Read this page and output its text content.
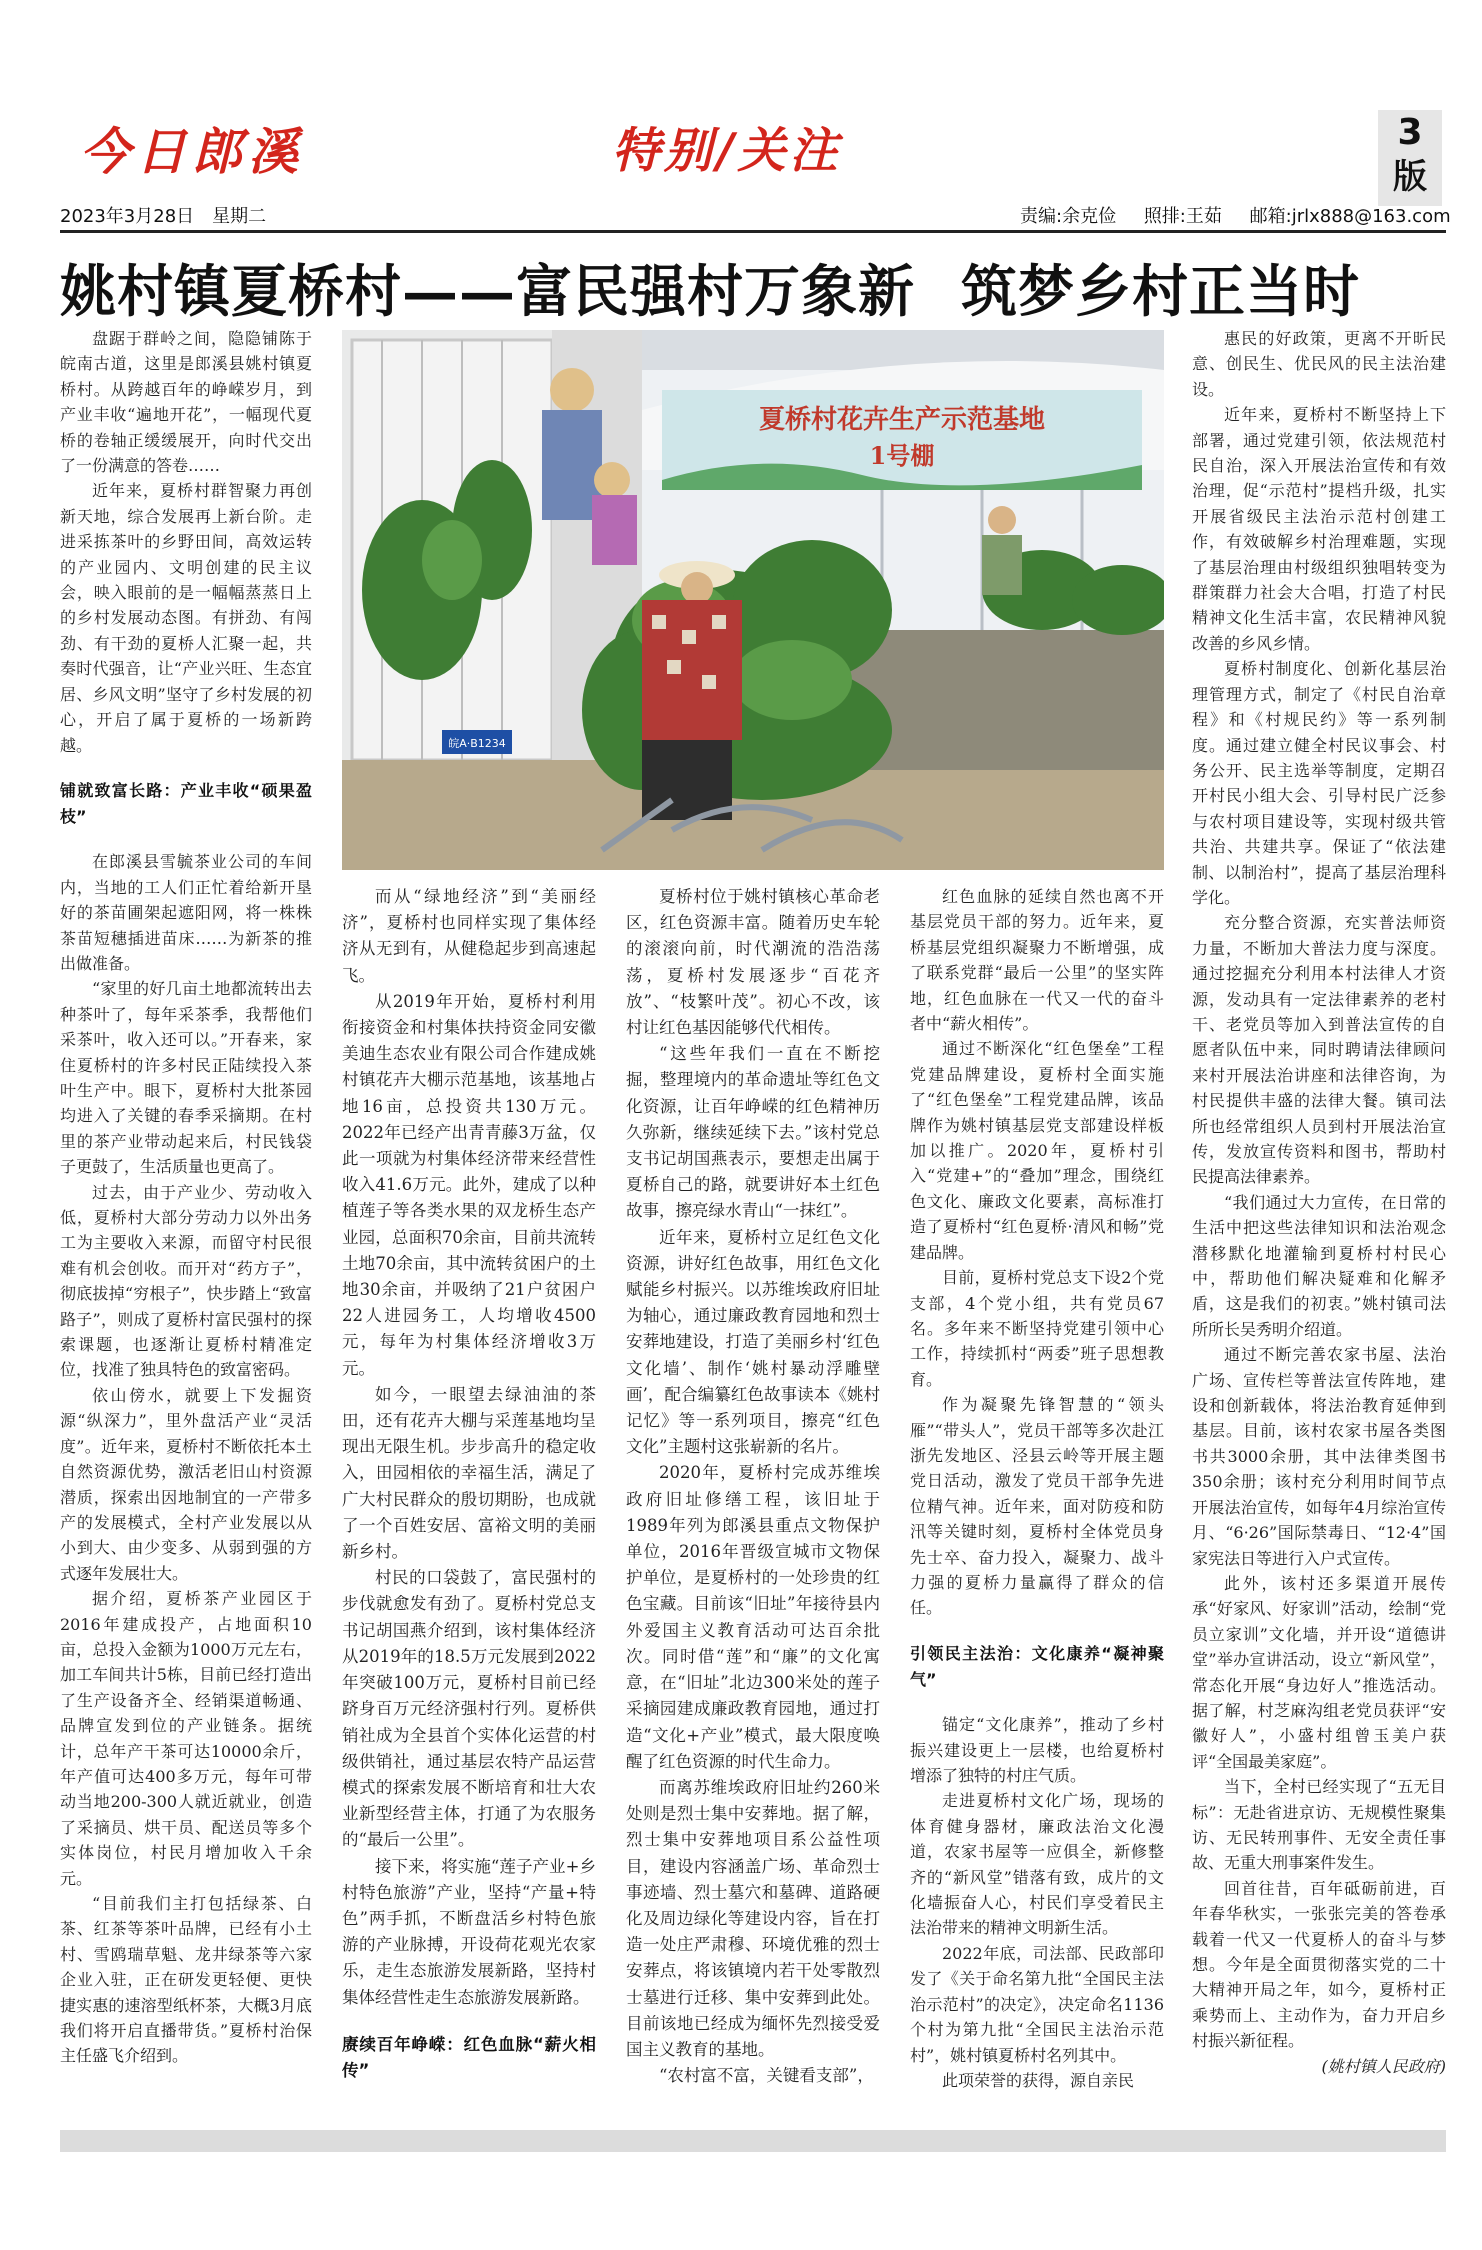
今日郎溪	特别/关注	3
版
2023年3月28日　星期二	责编:余克俭 照排:王茹 邮箱:jrlx888@163.com
姚村镇夏桥村——富民强村万象新 筑梦乡村正当时
夏桥村花卉生产示范基地
1号棚
皖A·B1234

盘踞于群岭之间，隐隐铺陈于皖南古道，这里是郎溪县姚村镇夏桥村。从跨越百年的峥嵘岁月，到产业丰收“遍地开花”，一幅现代夏桥的卷轴正缓缓展开，向时代交出了一份满意的答卷……

近年来，夏桥村群智聚力再创新天地，综合发展再上新台阶。走进采拣茶叶的乡野田间，高效运转的产业园内、文明创建的民主议会，映入眼前的是一幅幅蒸蒸日上的乡村发展动态图。有拼劲、有闯劲、有干劲的夏桥人汇聚一起，共奏时代强音，让“产业兴旺、生态宜居、乡风文明”坚守了乡村发展的初心，开启了属于夏桥的一场新跨越。

铺就致富长路：产业丰收“硕果盈枝”

在郎溪县雪毓茶业公司的车间内，当地的工人们正忙着给新开垦好的茶苗圃架起遮阳网，将一株株茶苗短穗插进苗床……为新茶的推出做准备。

“家里的好几亩土地都流转出去种茶叶了，每年采茶季，我帮他们采茶叶，收入还可以。”开春来，家住夏桥村的许多村民正陆续投入茶叶生产中。眼下，夏桥村大批茶园均进入了关键的春季采摘期。在村里的茶产业带动起来后，村民钱袋子更鼓了，生活质量也更高了。

过去，由于产业少、劳动收入低，夏桥村大部分劳动力以外出务工为主要收入来源，而留守村民很难有机会创收。而开对“药方子”，彻底拔掉“穷根子”，快步踏上“致富路子”，则成了夏桥村富民强村的探索课题，也逐渐让夏桥村精准定位，找准了独具特色的致富密码。

依山傍水，就要上下发掘资源“纵深力”，里外盘活产业“灵活度”。近年来，夏桥村不断依托本土自然资源优势，激活老旧山村资源潜质，探索出因地制宜的一产带多产的发展模式，全村产业发展以从小到大、由少变多、从弱到强的方式逐年发展壮大。

据介绍，夏桥茶产业园区于2016年建成投产，占地面积10亩，总投入金额为1000万元左右，加工车间共计5栋，目前已经打造出了生产设备齐全、经销渠道畅通、品牌宣发到位的产业链条。据统计，总年产干茶可达10000余斤，年产值可达400多万元，每年可带动当地200-300人就近就业，创造了采摘员、烘干员、配送员等多个实体岗位，村民月增加收入千余元。

“目前我们主打包括绿茶、白茶、红茶等茶叶品牌，已经有小土村、雪鸥瑞草魁、龙井绿茶等六家企业入驻，正在研发更轻便、更快捷实惠的速溶型纸杯茶，大概3月底我们将开启直播带货。”夏桥村治保主任盛飞介绍到。

而从“绿地经济”到“美丽经济”，夏桥村也同样实现了集体经济从无到有，从健稳起步到高速起飞。

从2019年开始，夏桥村利用衔接资金和村集体扶持资金同安徽美迪生态农业有限公司合作建成姚村镇花卉大棚示范基地，该基地占地16亩，总投资共130万元。2022年已经产出青青藤3万盆，仅此一项就为村集体经济带来经营性收入41.6万元。此外，建成了以种植莲子等各类水果的双龙桥生态产业园，总面积70余亩，目前共流转土地70余亩，其中流转贫困户的土地30余亩，并吸纳了21户贫困户22人进园务工，人均增收4500元，每年为村集体经济增收3万元。

如今，一眼望去绿油油的茶田，还有花卉大棚与采莲基地均呈现出无限生机。步步高升的稳定收入，田园相依的幸福生活，满足了广大村民群众的殷切期盼，也成就了一个百姓安居、富裕文明的美丽新乡村。

村民的口袋鼓了，富民强村的步伐就愈发有劲了。夏桥村党总支书记胡国燕介绍到，该村集体经济从2019年的18.5万元发展到2022年突破100万元，夏桥村目前已经跻身百万元经济强村行列。夏桥供销社成为全县首个实体化运营的村级供销社，通过基层农特产品运营模式的探索发展不断培育和壮大农业新型经营主体，打通了为农服务的“最后一公里”。

接下来，将实施“莲子产业+乡村特色旅游”产业，坚持“产量+特色”两手抓，不断盘活乡村特色旅游的产业脉搏，开设荷花观光农家乐，走生态旅游发展新路，坚持村集体经营性走生态旅游发展新路。

赓续百年峥嵘：红色血脉“薪火相传”

夏桥村位于姚村镇核心革命老区，红色资源丰富。随着历史车轮的滚滚向前，时代潮流的浩浩荡荡，夏桥村发展逐步“百花齐放”、“枝繁叶茂”。初心不改，该村让红色基因能够代代相传。

“这些年我们一直在不断挖掘，整理境内的革命遗址等红色文化资源，让百年峥嵘的红色精神历久弥新，继续延续下去。”该村党总支书记胡国燕表示，要想走出属于夏桥自己的路，就要讲好本土红色故事，擦亮绿水青山“一抹红”。

近年来，夏桥村立足红色文化资源，讲好红色故事，用红色文化赋能乡村振兴。以苏维埃政府旧址为轴心，通过廉政教育园地和烈士安葬地建设，打造了美丽乡村‘红色文化墙’、制作‘姚村暴动浮雕壁画’，配合编纂红色故事读本《姚村记忆》等一系列项目，擦亮“红色文化”主题村这张崭新的名片。

2020年，夏桥村完成苏维埃政府旧址修缮工程，该旧址于1989年列为郎溪县重点文物保护单位，2016年晋级宣城市文物保护单位，是夏桥村的一处珍贵的红色宝藏。目前该“旧址”年接待县内外爱国主义教育活动可达百余批次。同时借“莲”和“廉”的文化寓意，在“旧址”北边300米处的莲子采摘园建成廉政教育园地，通过打造“文化+产业”模式，最大限度唤醒了红色资源的时代生命力。

而离苏维埃政府旧址约260米处则是烈士集中安葬地。据了解，烈士集中安葬地项目系公益性项目，建设内容涵盖广场、革命烈士事迹墙、烈士墓穴和墓碑、道路硬化及周边绿化等建设内容，旨在打造一处庄严肃穆、环境优雅的烈士安葬点，将该镇境内若干处零散烈士墓进行迁移、集中安葬到此处。目前该地已经成为缅怀先烈接受爱国主义教育的基地。

“农村富不富，关键看支部”，

红色血脉的延续自然也离不开基层党员干部的努力。近年来，夏桥基层党组织凝聚力不断增强，成了联系党群“最后一公里”的坚实阵地，红色血脉在一代又一代的奋斗者中“薪火相传”。

通过不断深化“红色堡垒”工程党建品牌建设，夏桥村全面实施了“红色堡垒”工程党建品牌，该品牌作为姚村镇基层党支部建设样板加以推广。2020年，夏桥村引入“党建+”的“叠加”理念，围绕红色文化、廉政文化要素，高标准打造了夏桥村“红色夏桥·清风和畅”党建品牌。

目前，夏桥村党总支下设2个党支部，4个党小组，共有党员67名。多年来不断坚持党建引领中心工作，持续抓村“两委”班子思想教育。

作为凝聚先锋智慧的“领头雁”“带头人”，党员干部等多次赴江浙先发地区、泾县云岭等开展主题党日活动，激发了党员干部争先进位精气神。近年来，面对防疫和防汛等关键时刻，夏桥村全体党员身先士卒、奋力投入，凝聚力、战斗力强的夏桥力量赢得了群众的信任。

引领民主法治：文化康养“凝神聚气”

锚定“文化康养”，推动了乡村振兴建设更上一层楼，也给夏桥村增添了独特的村庄气质。

走进夏桥村文化广场，现场的体育健身器材，廉政法治文化漫道，农家书屋等一应俱全，新修整齐的“新风堂”错落有致，成片的文化墙振奋人心，村民们享受着民主法治带来的精神文明新生活。

2022年底，司法部、民政部印发了《关于命名第九批“全国民主法治示范村”的决定》，决定命名1136个村为第九批“全国民主法治示范村”，姚村镇夏桥村名列其中。

此项荣誉的获得，源自亲民

惠民的好政策，更离不开昕民意、创民生、优民风的民主法治建设。

近年来，夏桥村不断坚持上下部署，通过党建引领，依法规范村民自治，深入开展法治宣传和有效治理，促“示范村”提档升级，扎实开展省级民主法治示范村创建工作，有效破解乡村治理难题，实现了基层治理由村级组织独唱转变为群策群力社会大合唱，打造了村民精神文化生活丰富，农民精神风貌改善的乡风乡情。

夏桥村制度化、创新化基层治理管理方式，制定了《村民自治章程》和《村规民约》等一系列制度。通过建立健全村民议事会、村务公开、民主选举等制度，定期召开村民小组大会、引导村民广泛参与农村项目建设等，实现村级共管共治、共建共享。保证了“依法建制、以制治村”，提高了基层治理科学化。

充分整合资源，充实普法师资力量，不断加大普法力度与深度。通过挖掘充分利用本村法律人才资源，发动具有一定法律素养的老村干、老党员等加入到普法宣传的自愿者队伍中来，同时聘请法律顾问来村开展法治讲座和法律咨询，为村民提供丰盛的法律大餐。镇司法所也经常组织人员到村开展法治宣传，发放宣传资料和图书，帮助村民提高法律素养。

“我们通过大力宣传，在日常的生活中把这些法律知识和法治观念潜移默化地灌输到夏桥村村民心中，帮助他们解决疑难和化解矛盾，这是我们的初衷。”姚村镇司法所所长吴秀明介绍道。

通过不断完善农家书屋、法治广场、宣传栏等普法宣传阵地，建设和创新载体，将法治教育延伸到基层。目前，该村农家书屋各类图书共3000余册，其中法律类图书350余册；该村充分利用时间节点开展法治宣传，如每年4月综治宣传月、“6·26”国际禁毒日、“12·4”国家宪法日等进行入户式宣传。

此外，该村还多渠道开展传承“好家风、好家训”活动，绘制“党员立家训”文化墙，并开设“道德讲堂”举办宣讲活动，设立“新风堂”，常态化开展“身边好人”推选活动。据了解，村芝麻沟组老党员获评“安徽好人”，小盛村组曾玉美户获评“全国最美家庭”。

当下，全村已经实现了“五无目标”：无赴省进京访、无规模性聚集访、无民转刑事件、无安全责任事故、无重大刑事案件发生。

回首往昔，百年砥砺前进，百年春华秋实，一张张完美的答卷承载着一代又一代夏桥人的奋斗与梦想。今年是全面贯彻落实党的二十大精神开局之年，如今，夏桥村正乘势而上、主动作为，奋力开启乡村振兴新征程。

(姚村镇人民政府)
